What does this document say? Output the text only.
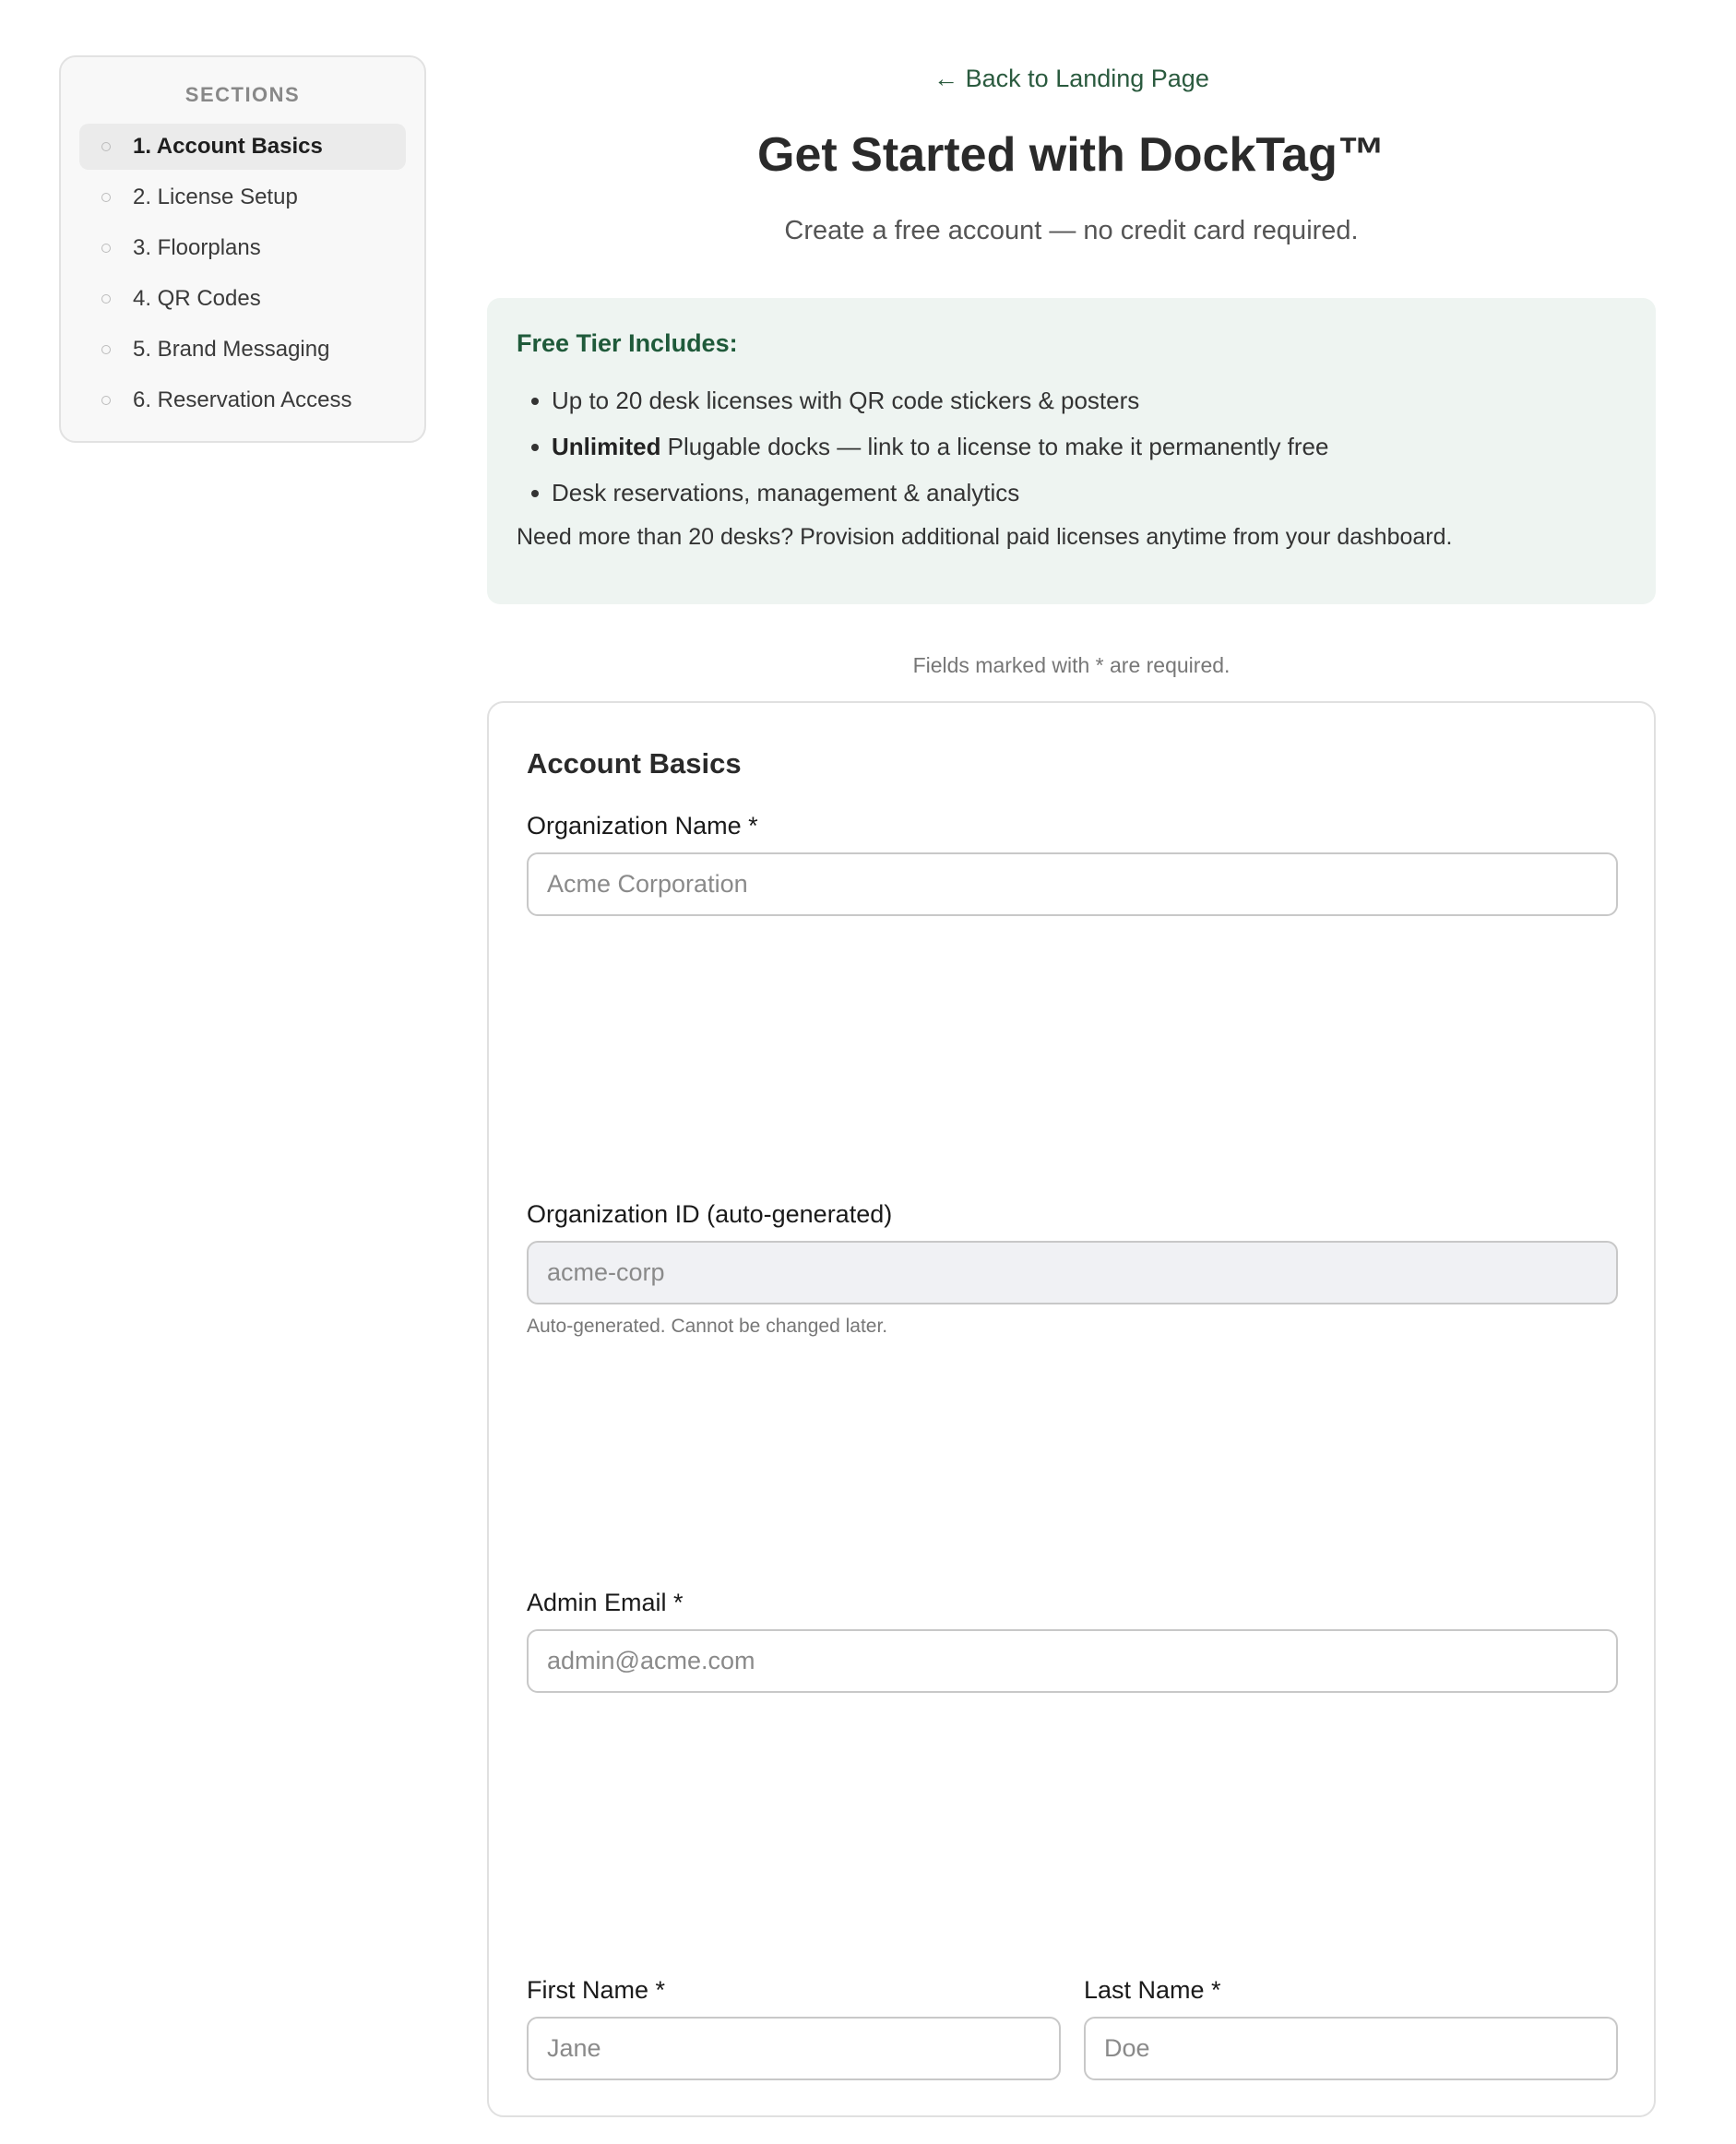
SECTIONS
1. Account Basics
2. License Setup
3. Floorplans
4. QR Codes
5. Brand Messaging
6. Reservation Access
← Back to Landing Page
Get Started with DockTag™

Create a free account — no credit card required.

Free Tier Includes:
Up to 20 desk licenses with QR code stickers & posters
Unlimited Plugable docks — link to a license to make it permanently free
Desk reservations, management & analytics

Need more than 20 desks? Provision additional paid licenses anytime from your dashboard.

Fields marked with * are required.

Account Basics
Organization Name *
Acme Corporation
Organization ID (auto-generated)
acme-corp
Auto-generated. Cannot be changed later.
Admin Email *
admin@acme.com
First Name *
Jane	Last Name *
Doe
